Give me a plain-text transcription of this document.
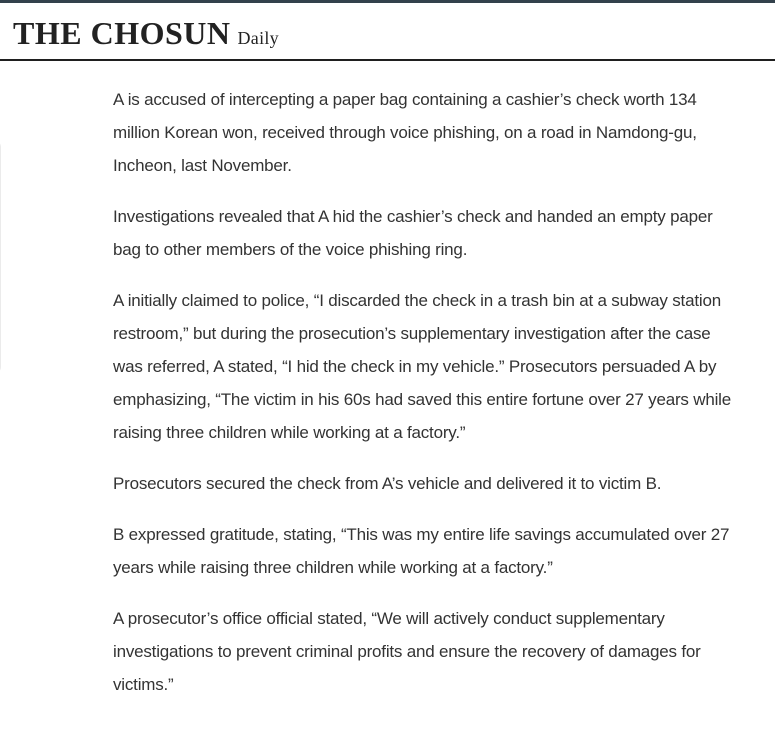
THE CHOSUN Daily

A is accused of intercepting a paper bag containing a cashier’s check worth 134 million Korean won, received through voice phishing, on a road in Namdong-gu, Incheon, last November.

Investigations revealed that A hid the cashier’s check and handed an empty paper bag to other members of the voice phishing ring.

A initially claimed to police, “I discarded the check in a trash bin at a subway station restroom,” but during the prosecution’s supplementary investigation after the case was referred, A stated, “I hid the check in my vehicle.” Prosecutors persuaded A by emphasizing, “The victim in his 60s had saved this entire fortune over 27 years while raising three children while working at a factory.”

Prosecutors secured the check from A’s vehicle and delivered it to victim B.

B expressed gratitude, stating, “This was my entire life savings accumulated over 27 years while raising three children while working at a factory.”

A prosecutor’s office official stated, “We will actively conduct supplementary investigations to prevent criminal profits and ensure the recovery of damages for victims.”
